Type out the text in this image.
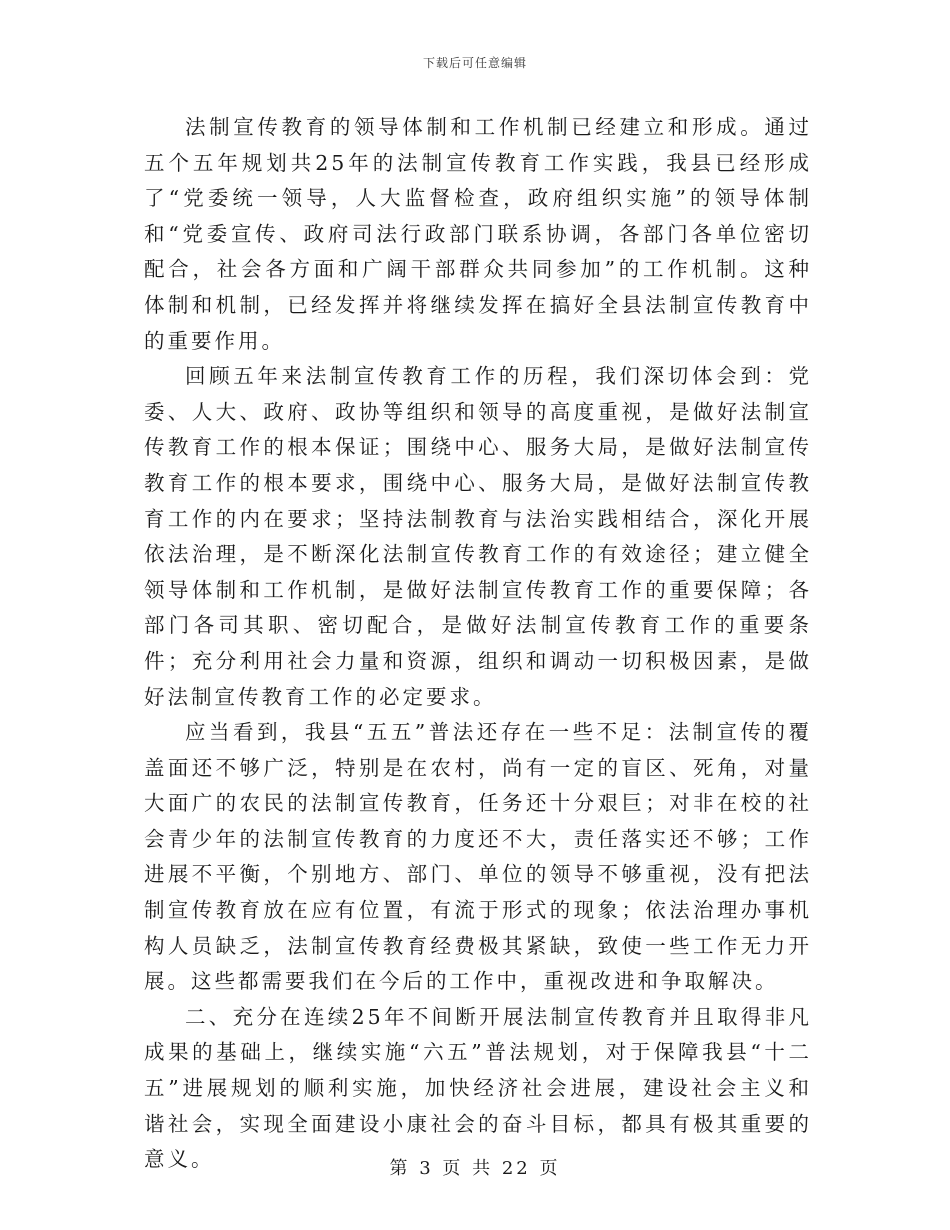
下载后可任意编辑

法制宣传教育的领导体制和工作机制已经建立和形成。通过五个五年规划共25年的法制宣传教育工作实践，我县已经形成了“党委统一领导，人大监督检查，政府组织实施”的领导体制和“党委宣传、政府司法行政部门联系协调，各部门各单位密切配合，社会各方面和广阔干部群众共同参加”的工作机制。这种体制和机制，已经发挥并将继续发挥在搞好全县法制宣传教育中的重要作用。

回顾五年来法制宣传教育工作的历程，我们深切体会到：党委、人大、政府、政协等组织和领导的高度重视，是做好法制宣传教育工作的根本保证；围绕中心、服务大局，是做好法制宣传教育工作的根本要求，围绕中心、服务大局，是做好法制宣传教育工作的内在要求；坚持法制教育与法治实践相结合，深化开展依法治理，是不断深化法制宣传教育工作的有效途径；建立健全领导体制和工作机制，是做好法制宣传教育工作的重要保障；各部门各司其职、密切配合，是做好法制宣传教育工作的重要条件；充分利用社会力量和资源，组织和调动一切积极因素，是做好法制宣传教育工作的必定要求。

应当看到，我县“五五”普法还存在一些不足：法制宣传的覆盖面还不够广泛，特别是在农村，尚有一定的盲区、死角，对量大面广的农民的法制宣传教育，任务还十分艰巨；对非在校的社会青少年的法制宣传教育的力度还不大，责任落实还不够；工作进展不平衡，个别地方、部门、单位的领导不够重视，没有把法制宣传教育放在应有位置，有流于形式的现象；依法治理办事机构人员缺乏，法制宣传教育经费极其紧缺，致使一些工作无力开展。这些都需要我们在今后的工作中，重视改进和争取解决。

二、充分在连续25年不间断开展法制宣传教育并且取得非凡成果的基础上，继续实施“六五”普法规划，对于保障我县“十二五”进展规划的顺利实施，加快经济社会进展，建设社会主义和谐社会，实现全面建设小康社会的奋斗目标，都具有极其重要的意义。	第 3 页 共 22 页
